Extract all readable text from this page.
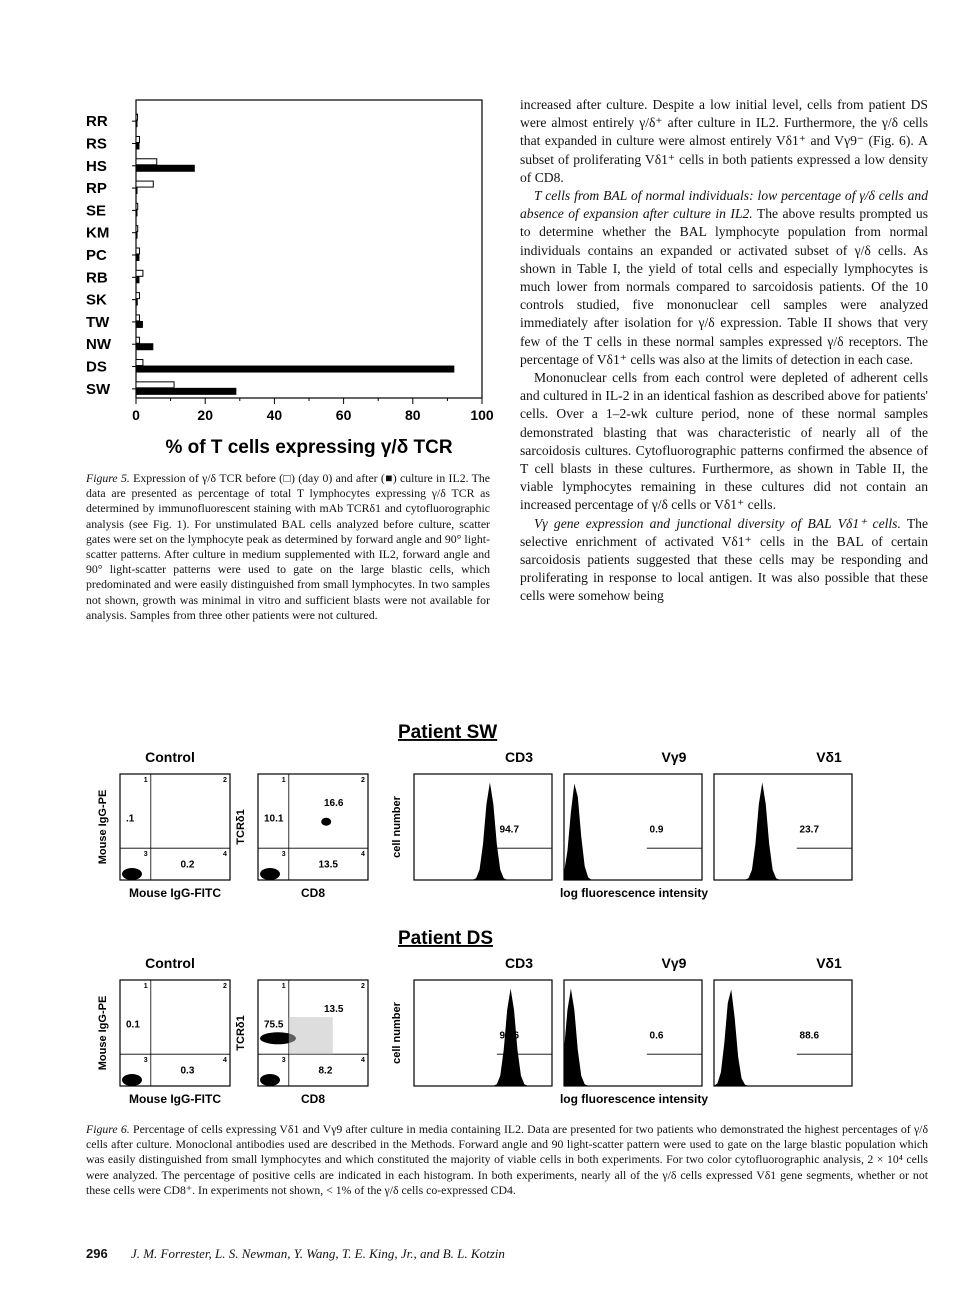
RR
RS
HS
RP
SE
KM
PC
RB
SK
TW
NW
DS
SW
0	20	40	60	80	100
% of T cells expressing γ/δ TCR
Figure 5. Expression of γ/δ TCR before (□) (day 0) and after (■) culture in IL2. The data are presented as percentage of total T lymphocytes expressing γ/δ TCR as determined by immunofluorescent staining with mAb TCRδ1 and cytofluorographic analysis (see Fig. 1). For unstimulated BAL cells analyzed before culture, scatter gates were set on the lymphocyte peak as determined by forward angle and 90° light-scatter patterns. After culture in medium supplemented with IL2, forward angle and 90° light-scatter patterns were used to gate on the large blastic cells, which predominated and were easily distinguished from small lymphocytes. In two samples not shown, growth was minimal in vitro and sufficient blasts were not available for analysis. Samples from three other patients were not cultured.

increased after culture. Despite a low initial level, cells from patient DS were almost entirely γ/δ⁺ after culture in IL2. Furthermore, the γ/δ cells that expanded in culture were almost entirely Vδ1⁺ and Vγ9⁻ (Fig. 6). A subset of proliferating Vδ1⁺ cells in both patients expressed a low density of CD8.

T cells from BAL of normal individuals: low percentage of γ/δ cells and absence of expansion after culture in IL2. The above results prompted us to determine whether the BAL lymphocyte population from normal individuals contains an expanded or activated subset of γ/δ cells. As shown in Table I, the yield of total cells and especially lymphocytes is much lower from normals compared to sarcoidosis patients. Of the 10 controls studied, five mononuclear cell samples were analyzed immediately after isolation for γ/δ expression. Table II shows that very few of the T cells in these normal samples expressed γ/δ receptors. The percentage of Vδ1⁺ cells was also at the limits of detection in each case.

Mononuclear cells from each control were depleted of adherent cells and cultured in IL-2 in an identical fashion as described above for patients' cells. Over a 1–2-wk culture period, none of these normal samples demonstrated blasting that was characteristic of nearly all of the sarcoidosis cultures. Cytofluorographic patterns confirmed the absence of T cell blasts in these cultures. Furthermore, as shown in Table II, the viable lymphocytes remaining in these cultures did not contain an increased percentage of γ/δ cells or Vδ1⁺ cells.

Vγ gene expression and junctional diversity of BAL Vδ1⁺ cells. The selective enrichment of activated Vδ1⁺ cells in the BAL of certain sarcoidosis patients suggested that these cells may be responding and proliferating in response to local antigen. It was also possible that these cells were somehow being

Patient SW
Control
1	2
3	4
.1
0.2
Mouse IgG-PE
Mouse IgG-FITC
1	2
3	4
10.1
16.6
13.5
TCRδ1
CD8
CD3
94.7
Vγ9
0.9
Vδ1
23.7
cell number
log fluorescence intensity
Patient DS
Control
1	2
3	4
0.1
0.3
Mouse IgG-PE
Mouse IgG-FITC
1	2
3	4
75.5
13.5
8.2
TCRδ1
CD8
CD3
97.6
Vγ9
0.6
Vδ1
88.6
cell number
log fluorescence intensity
Figure 6. Percentage of cells expressing Vδ1 and Vγ9 after culture in media containing IL2. Data are presented for two patients who demonstrated the highest percentages of γ/δ cells after culture. Monoclonal antibodies used are described in the Methods. Forward angle and 90 light-scatter pattern were used to gate on the large blastic population which was easily distinguished from small lymphocytes and which constituted the majority of viable cells in both experiments. For two color cytofluorographic analysis, 2 × 10⁴ cells were analyzed. The percentage of positive cells are indicated in each histogram. In both experiments, nearly all of the γ/δ cells expressed Vδ1 gene segments, whether or not these cells were CD8⁺. In experiments not shown, < 1% of the γ/δ cells co-expressed CD4.
296 J. M. Forrester, L. S. Newman, Y. Wang, T. E. King, Jr., and B. L. Kotzin
